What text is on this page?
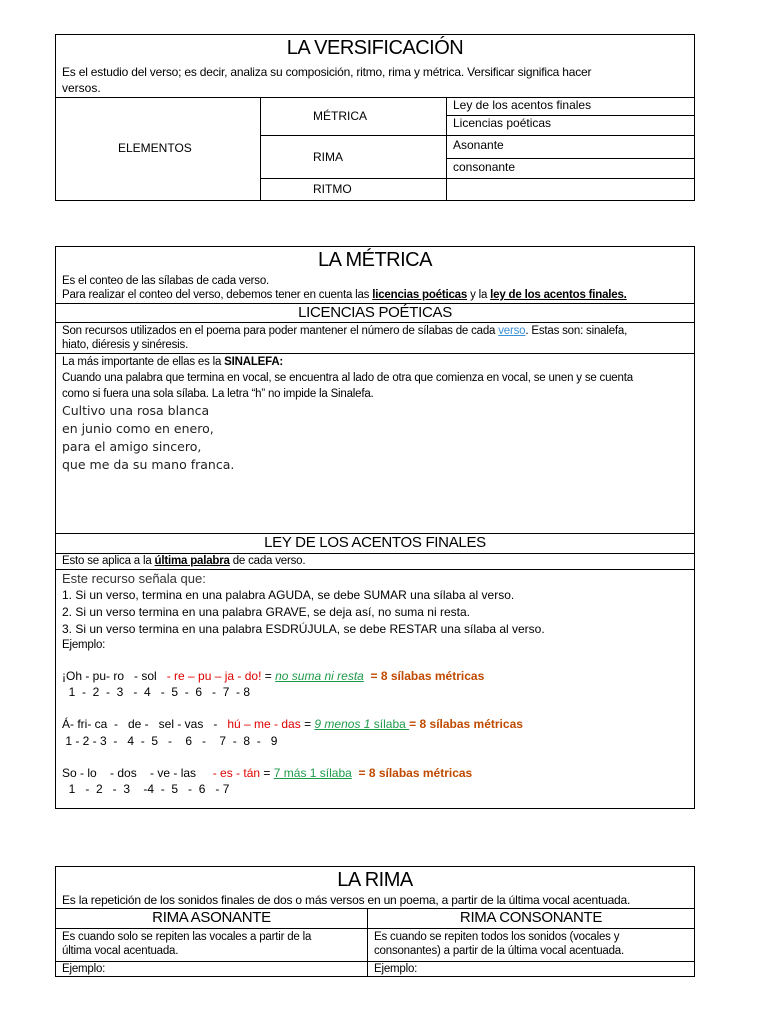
LA VERSIFICACIÓN
Es el estudio del verso; es decir, analiza su composición, ritmo, rima y métrica. Versificar significa hacer
versos.
ELEMENTOS
MÉTRICA
RIMA
RITMO
Ley de los acentos finales
Licencias poéticas
Asonante
consonante
LA MÉTRICA
Es el conteo de las sílabas de cada verso.
Para realizar el conteo del verso, debemos tener en cuenta las licencias poéticas y la ley de los acentos finales.
LICENCIAS POÉTICAS
Son recursos utilizados en el poema para poder mantener el número de sílabas de cada verso. Estas son: sinalefa,
hiato, diéresis y sinéresis.
La más importante de ellas es la SINALEFA:
Cuando una palabra que termina en vocal, se encuentra al lado de otra que comienza en vocal, se unen y se cuenta
como si fuera una sola sílaba. La letra “h” no impide la Sinalefa.
Cultivo una rosa blanca
en junio como en enero,
para el amigo sincero,
que me da su mano franca.
LEY DE LOS ACENTOS FINALES
Esto se aplica a la última palabra de cada verso.
Este recurso señala que:
1. Si un verso, termina en una palabra AGUDA, se debe SUMAR una sílaba al verso.
2. Si un verso termina en una palabra GRAVE, se deja así, no suma ni resta.
3. Si un verso termina en una palabra ESDRÚJULA, se debe RESTAR una sílaba al verso.
Ejemplo:
¡Oh - pu- ro   - sol   - re – pu – ja - do! = no suma ni resta  = 8 sílabas métricas
1  -  2  -  3   -  4   -  5  -  6   -  7  - 8
Á- fri- ca  -   de -   sel - vas   -   hú – me - das = 9 menos 1 sílaba = 8 sílabas métricas
1 - 2 - 3  -   4  -  5   -    6   -    7  -  8  -   9
So - lo    - dos    - ve - las     - es - tán = 7 más 1 sílaba  = 8 sílabas métricas
1   -  2   -  3    -4  -  5   -  6   - 7
LA RIMA
Es la repetición de los sonidos finales de dos o más versos en un poema, a partir de la última vocal acentuada.
RIMA ASONANTE	RIMA CONSONANTE
Es cuando solo se repiten las vocales a partir de la
última vocal acentuada.
Es cuando se repiten todos los sonidos (vocales y
consonantes) a partir de la última vocal acentuada.
Ejemplo:	Ejemplo:
